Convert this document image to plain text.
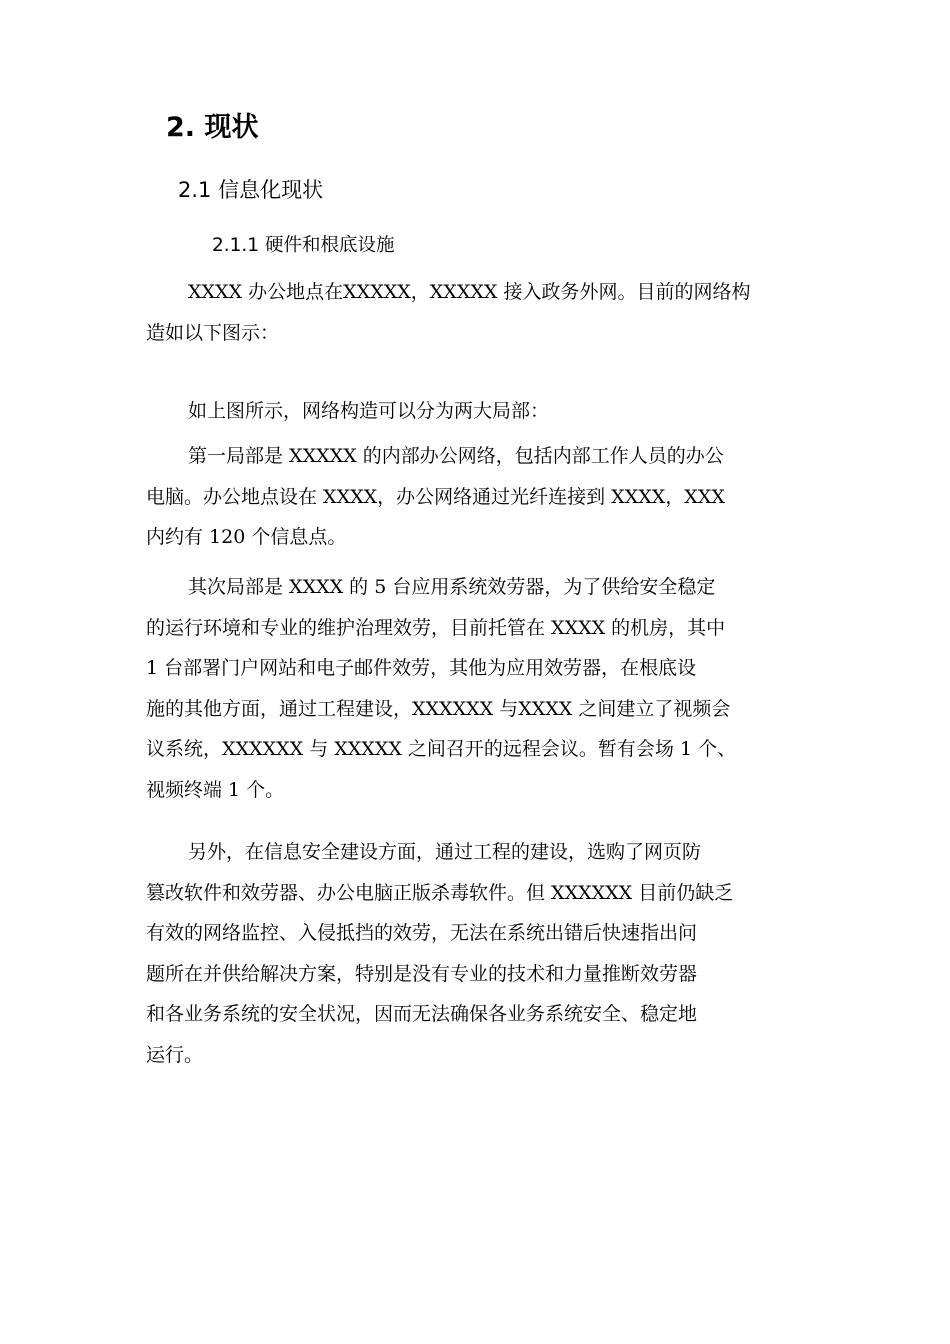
2. 现状
2.1 信息化现状
2.1.1 硬件和根底设施

XXXX 办公地点在XXXXX，XXXXX 接入政务外网。目前的网络构
造如以下图示：

如上图所示，网络构造可以分为两大局部：

第一局部是 XXXXX 的内部办公网络，包括内部工作人员的办公
电脑。办公地点设在 XXXX，办公网络通过光纤连接到 XXXX，XXX
内约有 120 个信息点。

其次局部是 XXXX 的 5 台应用系统效劳器，为了供给安全稳定
的运行环境和专业的维护治理效劳，目前托管在 XXXX 的机房，其中
1 台部署门户网站和电子邮件效劳，其他为应用效劳器，在根底设
施的其他方面，通过工程建设，XXXXXX 与XXXX 之间建立了视频会
议系统，XXXXXX 与 XXXXX 之间召开的远程会议。暂有会场 1 个、
视频终端 1 个。

另外，在信息安全建设方面，通过工程的建设，选购了网页防
篡改软件和效劳器、办公电脑正版杀毒软件。但 XXXXXX 目前仍缺乏
有效的网络监控、入侵抵挡的效劳，无法在系统出错后快速指出问
题所在并供给解决方案，特别是没有专业的技术和力量推断效劳器
和各业务系统的安全状况，因而无法确保各业务系统安全、稳定地
运行。
